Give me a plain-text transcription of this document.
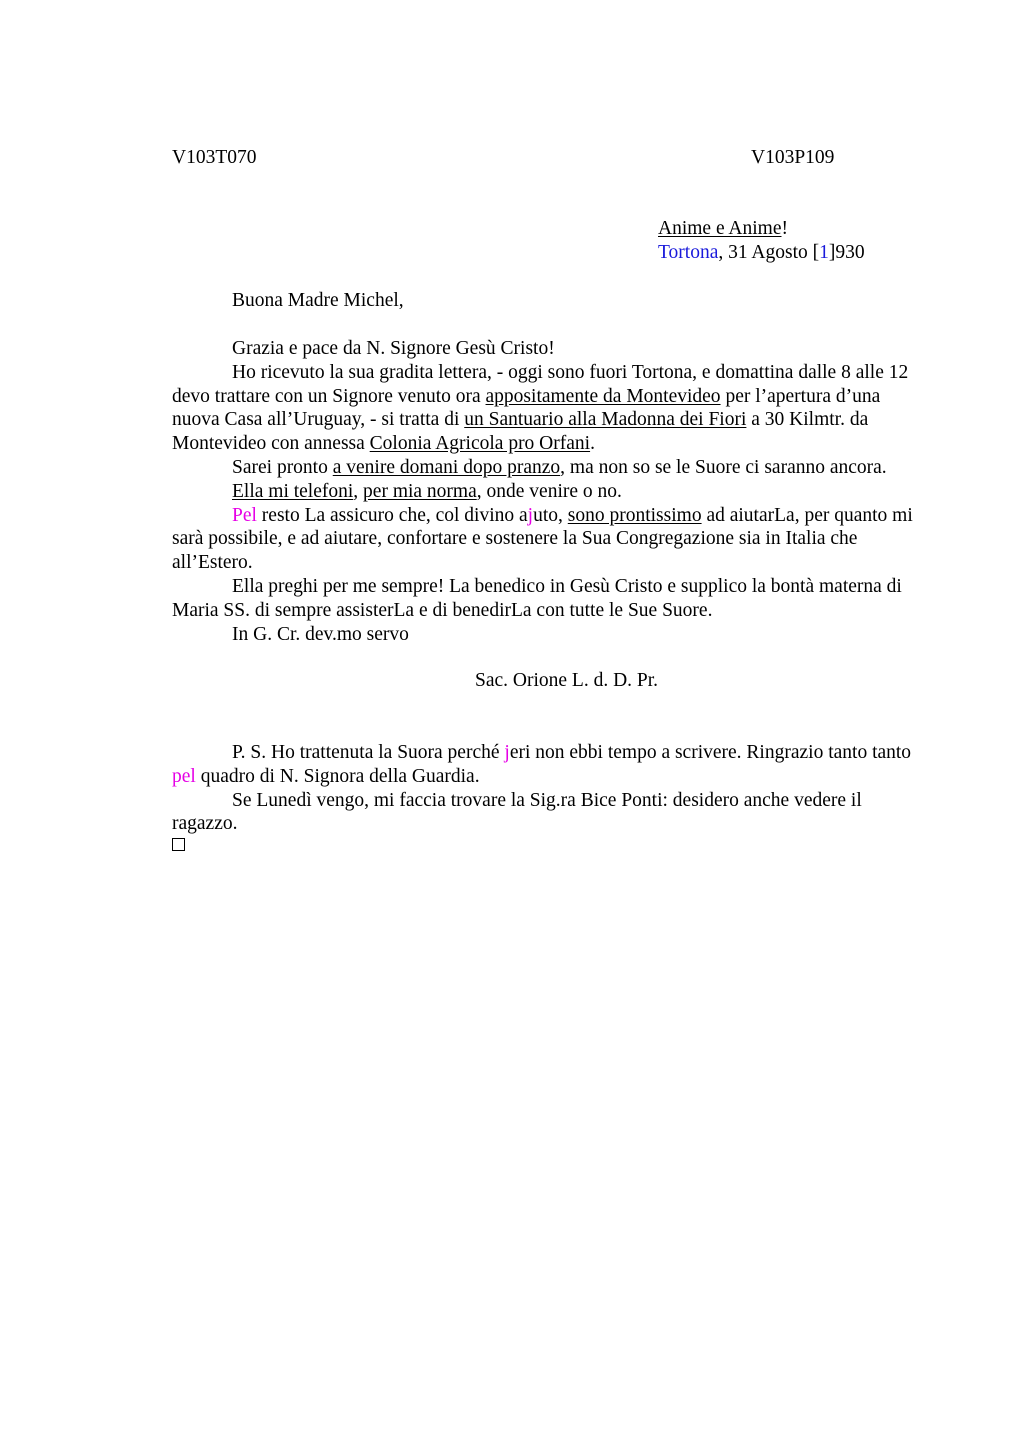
V103T070	V103P109
Anime e Anime!
Tortona, 31 Agosto [1]930
Buona Madre Michel,

Grazia e pace da N. Signore Gesù Cristo!

Ho ricevuto la sua gradita lettera, - oggi sono fuori Tortona, e domattina dalle 8 alle 12 devo trattare con un Signore venuto ora appositamente da Montevideo per l’apertura d’una nuova Casa all’Uruguay, - si tratta di un Santuario alla Madonna dei Fiori a 30 Kilmtr. da Montevideo con annessa Colonia Agricola pro Orfani.

Sarei pronto a venire domani dopo pranzo, ma non so se le Suore ci saranno ancora.

Ella mi telefoni, per mia norma, onde venire o no.

Pel resto La assicuro che, col divino ajuto, sono prontissimo ad aiutarLa, per quanto mi sarà possibile, e ad aiutare, confortare e sostenere la Sua Congregazione sia in Italia che all’Estero.

Ella preghi per me sempre! La benedico in Gesù Cristo e supplico la bontà materna di Maria SS. di sempre assisterLa e di benedirLa con tutte le Sue Suore.

In G. Cr. dev.mo servo

Sac. Orione L. d. D. Pr.

P. S. Ho trattenuta la Suora perché jeri non ebbi tempo a scrivere. Ringrazio tanto tanto pel quadro di N. Signora della Guardia.

Se Lunedì vengo, mi faccia trovare la Sig.ra Bice Ponti: desidero anche vedere il ragazzo.
